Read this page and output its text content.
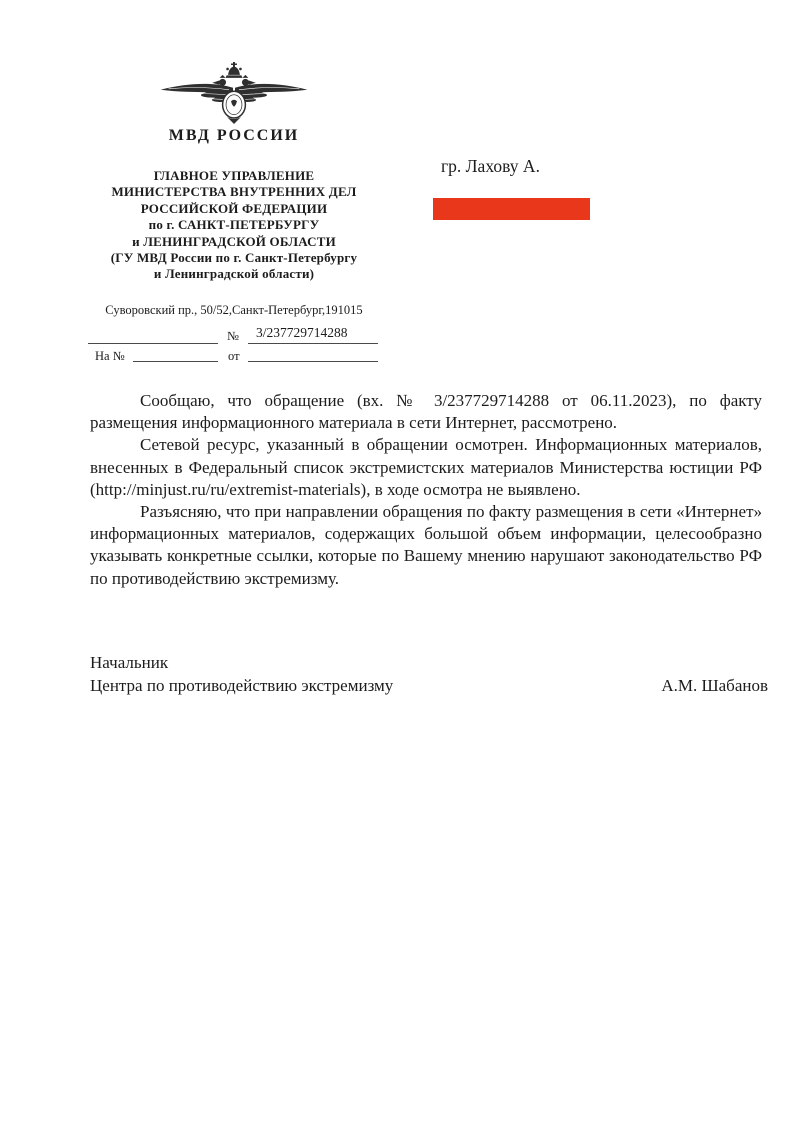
МВД РОССИИ
ГЛАВНОЕ УПРАВЛЕНИЕ
МИНИСТЕРСТВА ВНУТРЕННИХ ДЕЛ
РОССИЙСКОЙ ФЕДЕРАЦИИ
по г. САНКТ-ПЕТЕРБУРГУ
и ЛЕНИНГРАДСКОЙ ОБЛАСТИ
(ГУ МВД России по г. Санкт-Петербургу
и Ленинградской области)
Суворовский пр., 50/52,Санкт-Петербург,191015
№	3/237729714288
На №	от
гр. Лахову А.

Сообщаю, что обращение (вх. № 3/237729714288 от 06.11.2023), по факту размещения информационного материала в сети Интернет, рассмотрено.

Сетевой ресурс, указанный в обращении осмотрен. Информационных материалов, внесенных в Федеральный список экстремистских материалов Министерства юстиции РФ (http://minjust.ru/ru/extremist-materials), в ходе осмотра не выявлено.

Разъясняю, что при направлении обращения по факту размещения в сети «Интернет» информационных материалов, содержащих большой объем информации, целесообразно указывать конкретные ссылки, которые по Вашему мнению нарушают законодательство РФ по противодействию экстремизму.

Начальник
Центра по противодействию экстремизму	А.М. Шабанов
